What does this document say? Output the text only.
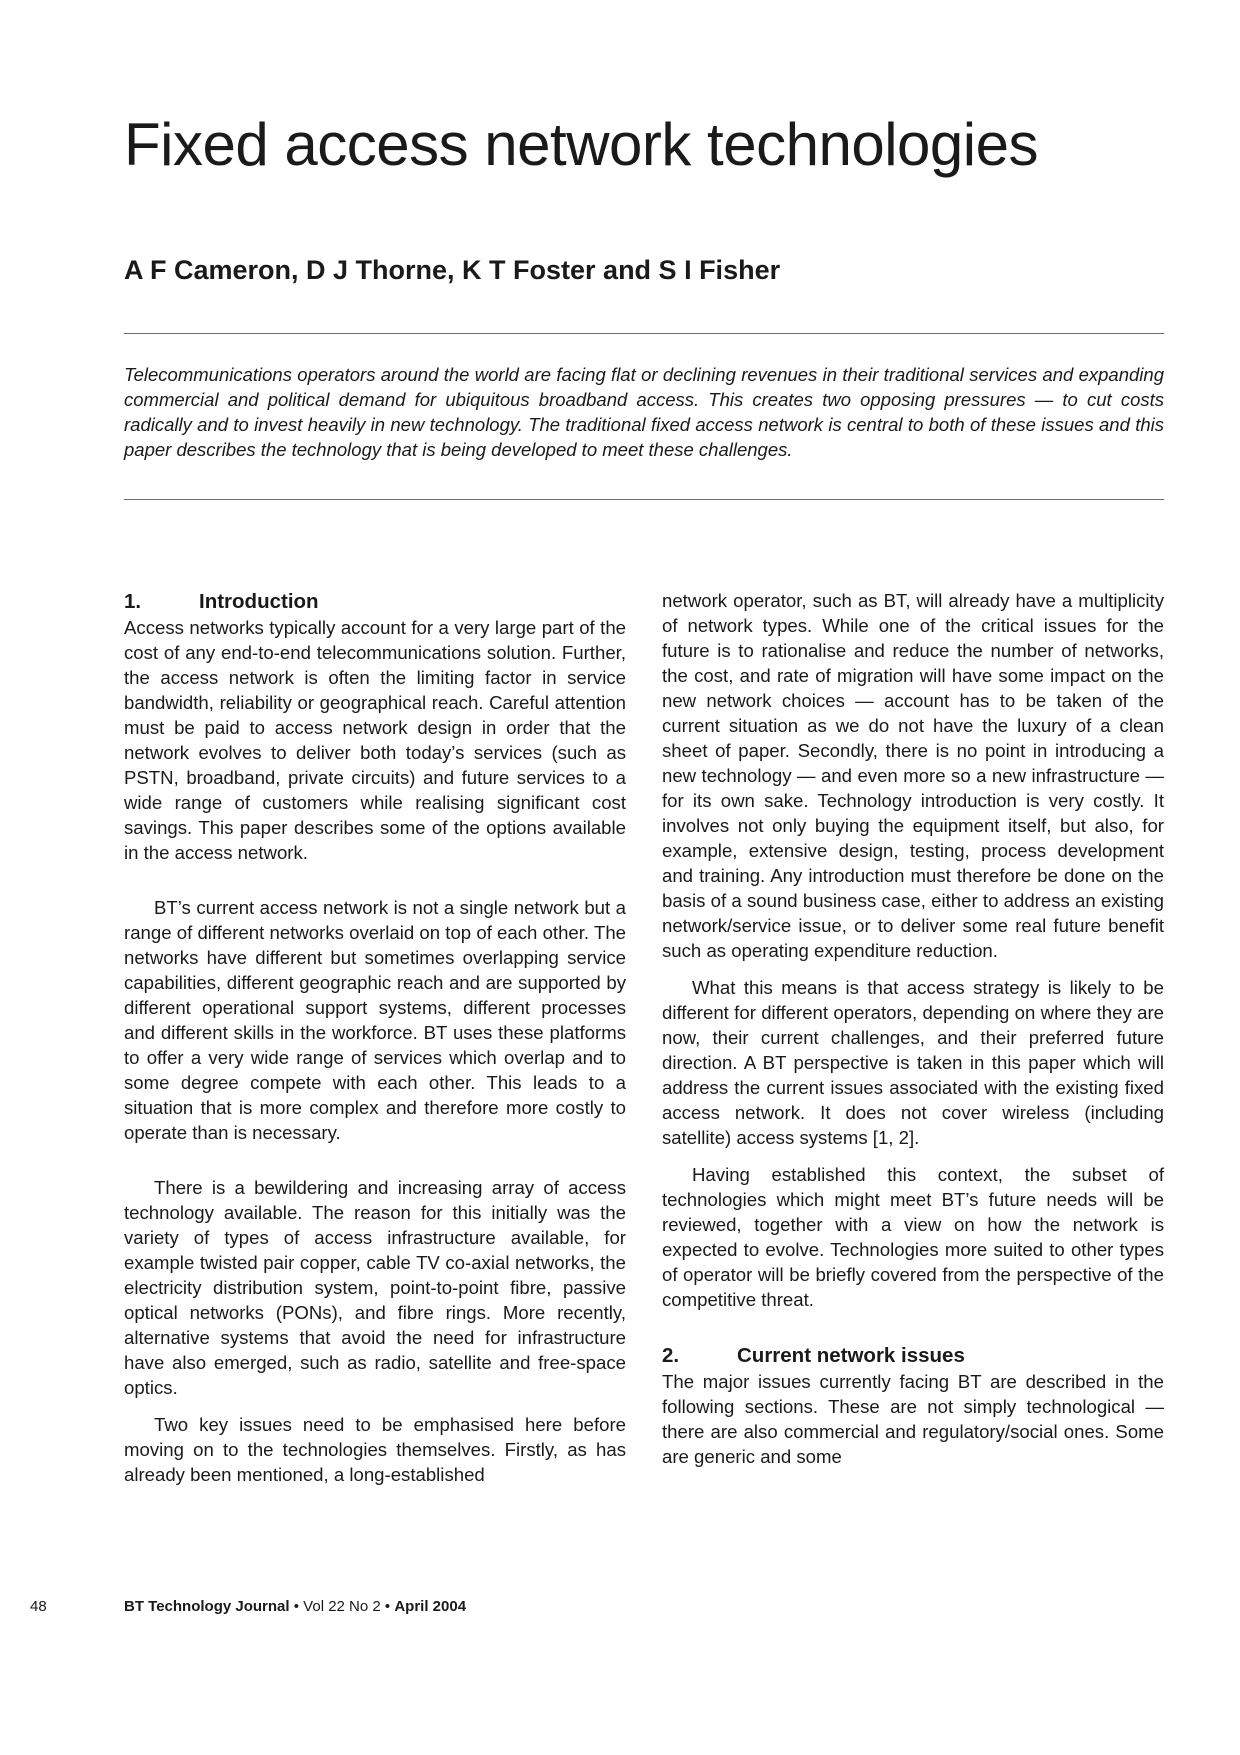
Fixed access network technologies
A F Cameron, D J Thorne, K T Foster and S I Fisher

Telecommunications operators around the world are facing flat or declining revenues in their traditional services and expanding commercial and political demand for ubiquitous broadband access. This creates two opposing pressures — to cut costs radically and to invest heavily in new technology. The traditional fixed access network is central to both of these issues and this paper describes the technology that is being developed to meet these challenges.

1.	Introduction

Access networks typically account for a very large part of the cost of any end-to-end telecommunications solution. Further, the access network is often the limiting factor in service bandwidth, reliability or geographical reach. Careful attention must be paid to access network design in order that the network evolves to deliver both today’s services (such as PSTN, broadband, private circuits) and future services to a wide range of customers while realising significant cost savings. This paper describes some of the options available in the access network.

BT’s current access network is not a single network but a range of different networks overlaid on top of each other. The networks have different but sometimes overlapping service capabilities, different geographic reach and are supported by different operational support systems, different processes and different skills in the workforce. BT uses these platforms to offer a very wide range of services which overlap and to some degree compete with each other. This leads to a situation that is more complex and therefore more costly to operate than is necessary.

There is a bewildering and increasing array of access technology available. The reason for this initially was the variety of types of access infrastructure available, for example twisted pair copper, cable TV co-axial networks, the electricity distribution system, point-to-point fibre, passive optical networks (PONs), and fibre rings. More recently, alternative systems that avoid the need for infrastructure have also emerged, such as radio, satellite and free-space optics.

Two key issues need to be emphasised here before moving on to the technologies themselves. Firstly, as has already been mentioned, a long-established

network operator, such as BT, will already have a multiplicity of network types. While one of the critical issues for the future is to rationalise and reduce the number of networks, the cost, and rate of migration will have some impact on the new network choices — account has to be taken of the current situation as we do not have the luxury of a clean sheet of paper. Secondly, there is no point in introducing a new technology — and even more so a new infrastructure — for its own sake. Technology introduction is very costly. It involves not only buying the equipment itself, but also, for example, extensive design, testing, process development and training. Any introduction must therefore be done on the basis of a sound business case, either to address an existing network/service issue, or to deliver some real future benefit such as operating expenditure reduction.

What this means is that access strategy is likely to be different for different operators, depending on where they are now, their current challenges, and their preferred future direction. A BT perspective is taken in this paper which will address the current issues associated with the existing fixed access network. It does not cover wireless (including satellite) access systems [1, 2].

Having established this context, the subset of technologies which might meet BT’s future needs will be reviewed, together with a view on how the network is expected to evolve. Technologies more suited to other types of operator will be briefly covered from the perspective of the competitive threat.

2.	Current network issues

The major issues currently facing BT are described in the following sections. These are not simply technological — there are also commercial and regulatory/social ones. Some are generic and some

48	BT Technology Journal • Vol 22 No 2 • April 2004
